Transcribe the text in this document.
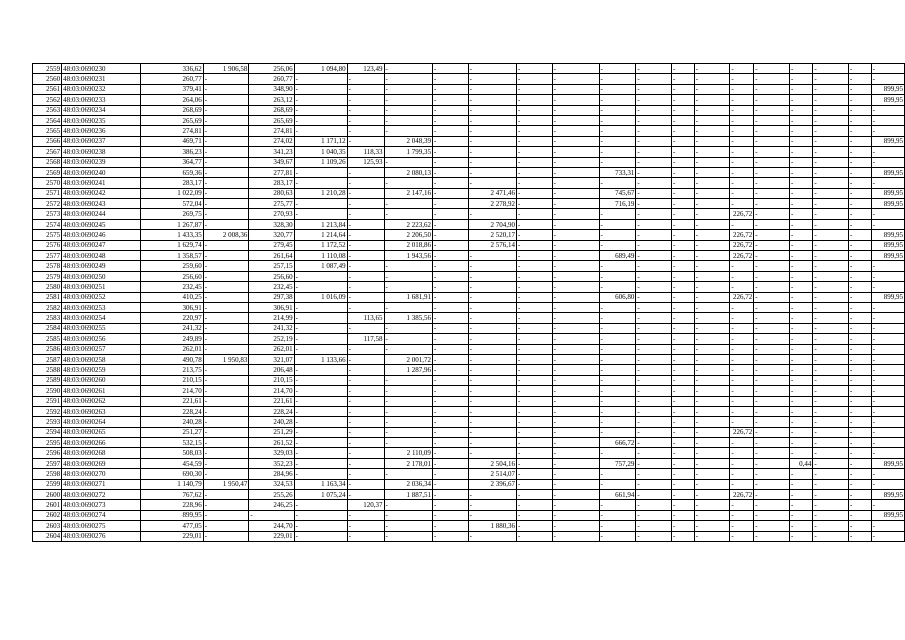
2559	48:03:0690230	336,62	1 906,58	256,06	1 094,80	123,49	-	-	-	-	-	-	-	-	-	-	-	-	-	-	-
2560	48:03:0690231	260,77	-	260,77	-	-	-	-	-	-	-	-	-	-	-	-	-	-	-	-	-
2561	48:03:0690232	379,41	-	348,90	-	-	-	-	-	-	-	-	-	-	-	-	-	-	-	-	899,95
2562	48:03:0690233	264,06	-	263,12	-	-	-	-	-	-	-	-	-	-	-	-	-	-	-	-	899,95
2563	48:03:0690234	268,69	-	268,69	-	-	-	-	-	-	-	-	-	-	-	-	-	-	-	-	-
2564	48:03:0690235	265,69	-	265,69	-	-	-	-	-	-	-	-	-	-	-	-	-	-	-	-	-
2565	48:03:0690236	274,81	-	274,81	-	-	-	-	-	-	-	-	-	-	-	-	-	-	-	-	-
2566	48:03:0690237	469,71	-	274,02	1 171,12	-	2 048,39	-	-	-	-	-	-	-	-	-	-	-	-	-	899,95
2567	48:03:0690238	386,23	-	341,23	1 040,35	118,33	1 799,35	-	-	-	-	-	-	-	-	-	-	-	-	-	-
2568	48:03:0690239	364,77	-	349,67	1 109,26	125,93	-	-	-	-	-	-	-	-	-	-	-	-	-	-	-
2569	48:03:0690240	659,36	-	277,81	-	-	2 080,13	-	-	-	-	733,31	-	-	-	-	-	-	-	-	899,95
2570	48:03:0690241	283,17	-	283,17	-	-	-	-	-	-	-	-	-	-	-	-	-	-	-	-	-
2571	48:03:0690242	1 022,09	-	280,63	1 210,28	-	2 147,16	-	2 471,46	-	-	745,67	-	-	-	-	-	-	-	-	899,95
2572	48:03:0690243	572,04	-	275,77	-	-	-	-	2 278,92	-	-	716,19	-	-	-	-	-	-	-	-	899,95
2573	48:03:0690244	269,75	-	270,93	-	-	-	-	-	-	-	-	-	-	-	226,72	-	-	-	-	-
2574	48:03:0690245	1 267,87	-	328,30	1 213,84	-	2 223,62	-	2 704,90	-	-	-	-	-	-	-	-	-	-	-	-
2575	48:03:0690246	1 433,35	2 008,36	320,77	1 214,64	-	2 206,50	-	2 520,17	-	-	-	-	-	-	226,72	-	-	-	-	899,95
2576	48:03:0690247	1 629,74	-	279,45	1 172,52	-	2 018,86	-	2 576,14	-	-	-	-	-	-	226,72	-	-	-	-	899,95
2577	48:03:0690248	1 358,57	-	261,64	1 110,08	-	1 943,56	-	-	-	-	689,49	-	-	-	226,72	-	-	-	-	899,95
2578	48:03:0690249	259,60	-	257,15	1 087,49	-	-	-	-	-	-	-	-	-	-	-	-	-	-	-	-
2579	48:03:0690250	256,60	-	256,60	-	-	-	-	-	-	-	-	-	-	-	-	-	-	-	-	-
2580	48:03:0690251	232,45	-	232,45	-	-	-	-	-	-	-	-	-	-	-	-	-	-	-	-	-
2581	48:03:0690252	410,25	-	297,38	1 016,09	-	1 681,91	-	-	-	-	606,80	-	-	-	226,72	-	-	-	-	899,95
2582	48:03:0690253	306,91	-	306,91	-	-	-	-	-	-	-	-	-	-	-	-	-	-	-	-	-
2583	48:03:0690254	220,97	-	214,99	-	113,65	1 385,56	-	-	-	-	-	-	-	-	-	-	-	-	-	-
2584	48:03:0690255	241,32	-	241,32	-	-	-	-	-	-	-	-	-	-	-	-	-	-	-	-	-
2585	48:03:0690256	249,89	-	252,19	-	117,58	-	-	-	-	-	-	-	-	-	-	-	-	-	-	-
2586	48:03:0690257	262,01	-	262,01	-	-	-	-	-	-	-	-	-	-	-	-	-	-	-	-	-
2587	48:03:0690258	490,78	1 950,83	321,07	1 133,66	-	2 001,72	-	-	-	-	-	-	-	-	-	-	-	-	-	-
2588	48:03:0690259	213,75	-	206,48	-	-	1 287,96	-	-	-	-	-	-	-	-	-	-	-	-	-	-
2589	48:03:0690260	210,15	-	210,15	-	-	-	-	-	-	-	-	-	-	-	-	-	-	-	-	-
2590	48:03:0690261	214,70	-	214,70	-	-	-	-	-	-	-	-	-	-	-	-	-	-	-	-	-
2591	48:03:0690262	221,61	-	221,61	-	-	-	-	-	-	-	-	-	-	-	-	-	-	-	-	-
2592	48:03:0690263	228,24	-	228,24	-	-	-	-	-	-	-	-	-	-	-	-	-	-	-	-	-
2593	48:03:0690264	240,28	-	240,28	-	-	-	-	-	-	-	-	-	-	-	-	-	-	-	-	-
2594	48:03:0690265	251,27	-	251,29	-	-	-	-	-	-	-	-	-	-	-	226,72	-	-	-	-	-
2595	48:03:0690266	532,15	-	261,52	-	-	-	-	-	-	-	666,72	-	-	-	-	-	-	-	-	-
2596	48:03:0690268	508,03	-	329,03	-	-	2 110,09	-	-	-	-	-	-	-	-	-	-	-	-	-	-
2597	48:03:0690269	454,59	-	352,23	-	-	2 178,01	-	2 504,16	-	-	757,29	-	-	-	-	-	0,44	-	-	899,95
2598	48:03:0690270	690,30	-	284,96	-	-	-	-	2 514,07	-	-	-	-	-	-	-	-	-	-	-	-
2599	48:03:0690271	1 140,79	1 950,47	324,53	1 163,34	-	2 036,34	-	2 396,67	-	-	-	-	-	-	-	-	-	-	-	-
2600	48:03:0690272	767,62	-	255,26	1 075,24	-	1 887,51	-	-	-	-	661,94	-	-	-	226,72	-	-	-	-	899,95
2601	48:03:0690273	228,96	-	246,25	-	120,37	-	-	-	-	-	-	-	-	-	-	-	-	-	-	-
2602	48:03:0690274	899,95	-	-	-	-	-	-	-	-	-	-	-	-	-	-	-	-	-	-	899,95
2603	48:03:0690275	477,05	-	244,70	-	-	-	-	1 880,36	-	-	-	-	-	-	-	-	-	-	-	-
2604	48:03:0690276	229,01	-	229,01	-	-	-	-	-	-	-	-	-	-	-	-	-	-	-	-	-
